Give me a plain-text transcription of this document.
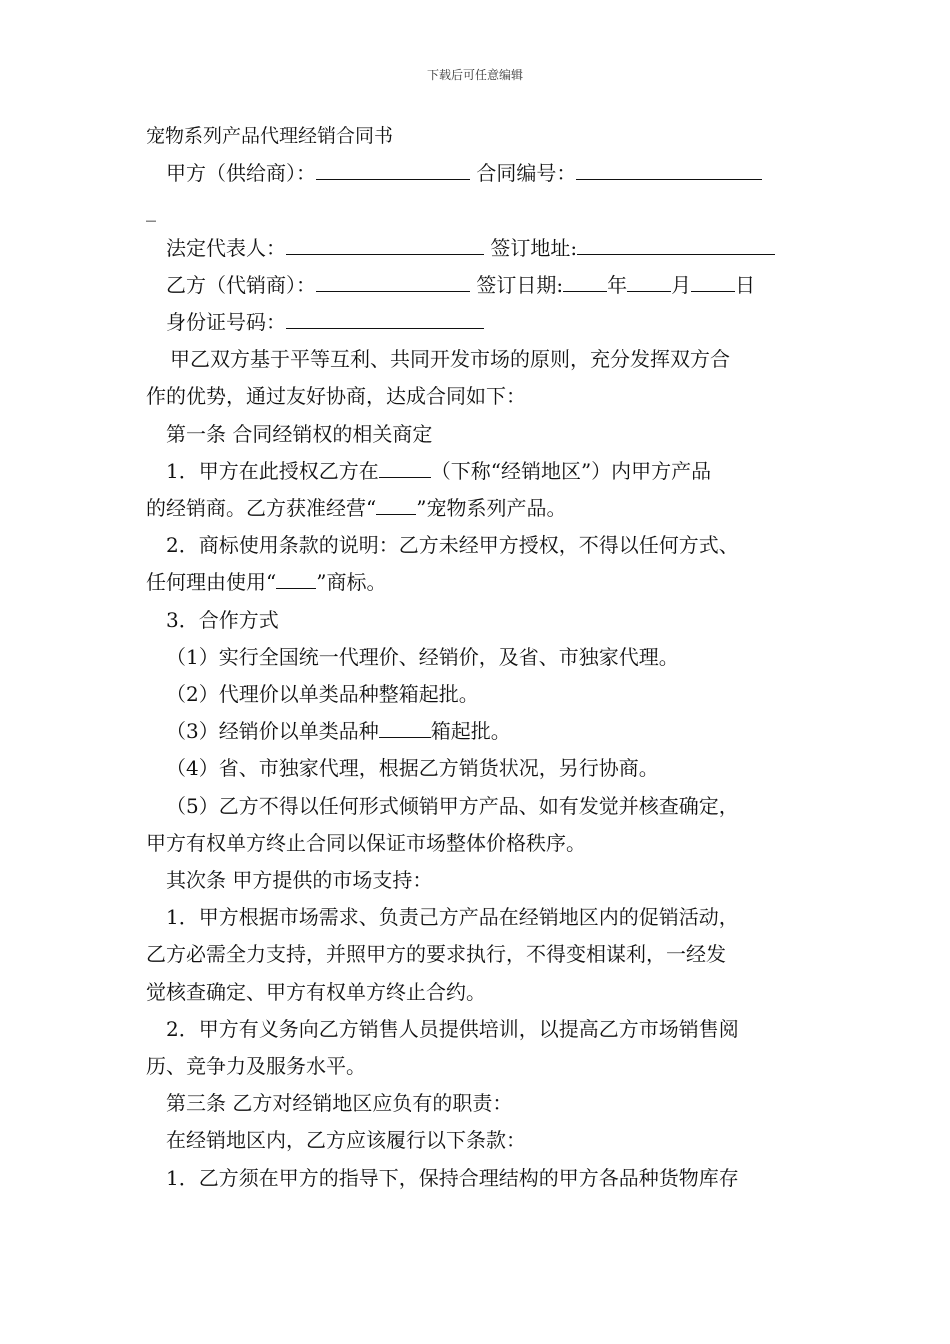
下载后可任意编辑
宠物系列产品代理经销合同书
甲方（供给商）：	合同编号：
_
法定代表人：	签订地址:
乙方（代销商）：	签订日期: 年 月 日
身份证号码：
甲乙双方基于平等互利、共同开发市场的原则，充分发挥双方合
作的优势，通过友好协商，达成合同如下：
第一条 合同经销权的相关商定
1．甲方在此授权乙方在	（下称“经销地区”）内甲方产品
的经销商。乙方获准经营“ ”宠物系列产品。
2．商标使用条款的说明：乙方未经甲方授权，不得以任何方式、
任何理由使用“ ”商标。
3．合作方式
（1）实行全国统一代理价、经销价，及省、市独家代理。
（2）代理价以单类品种整箱起批。
（3）经销价以单类品种	箱起批。
（4）省、市独家代理，根据乙方销货状况，另行协商。
（5）乙方不得以任何形式倾销甲方产品、如有发觉并核查确定，
甲方有权单方终止合同以保证市场整体价格秩序。
其次条 甲方提供的市场支持：
1．甲方根据市场需求、负责己方产品在经销地区内的促销活动，
乙方必需全力支持，并照甲方的要求执行，不得变相谋利，一经发
觉核查确定、甲方有权单方终止合约。
2．甲方有义务向乙方销售人员提供培训，以提高乙方市场销售阅
历、竞争力及服务水平。
第三条 乙方对经销地区应负有的职责：
在经销地区内，乙方应该履行以下条款：
1．乙方须在甲方的指导下，保持合理结构的甲方各品种货物库存
